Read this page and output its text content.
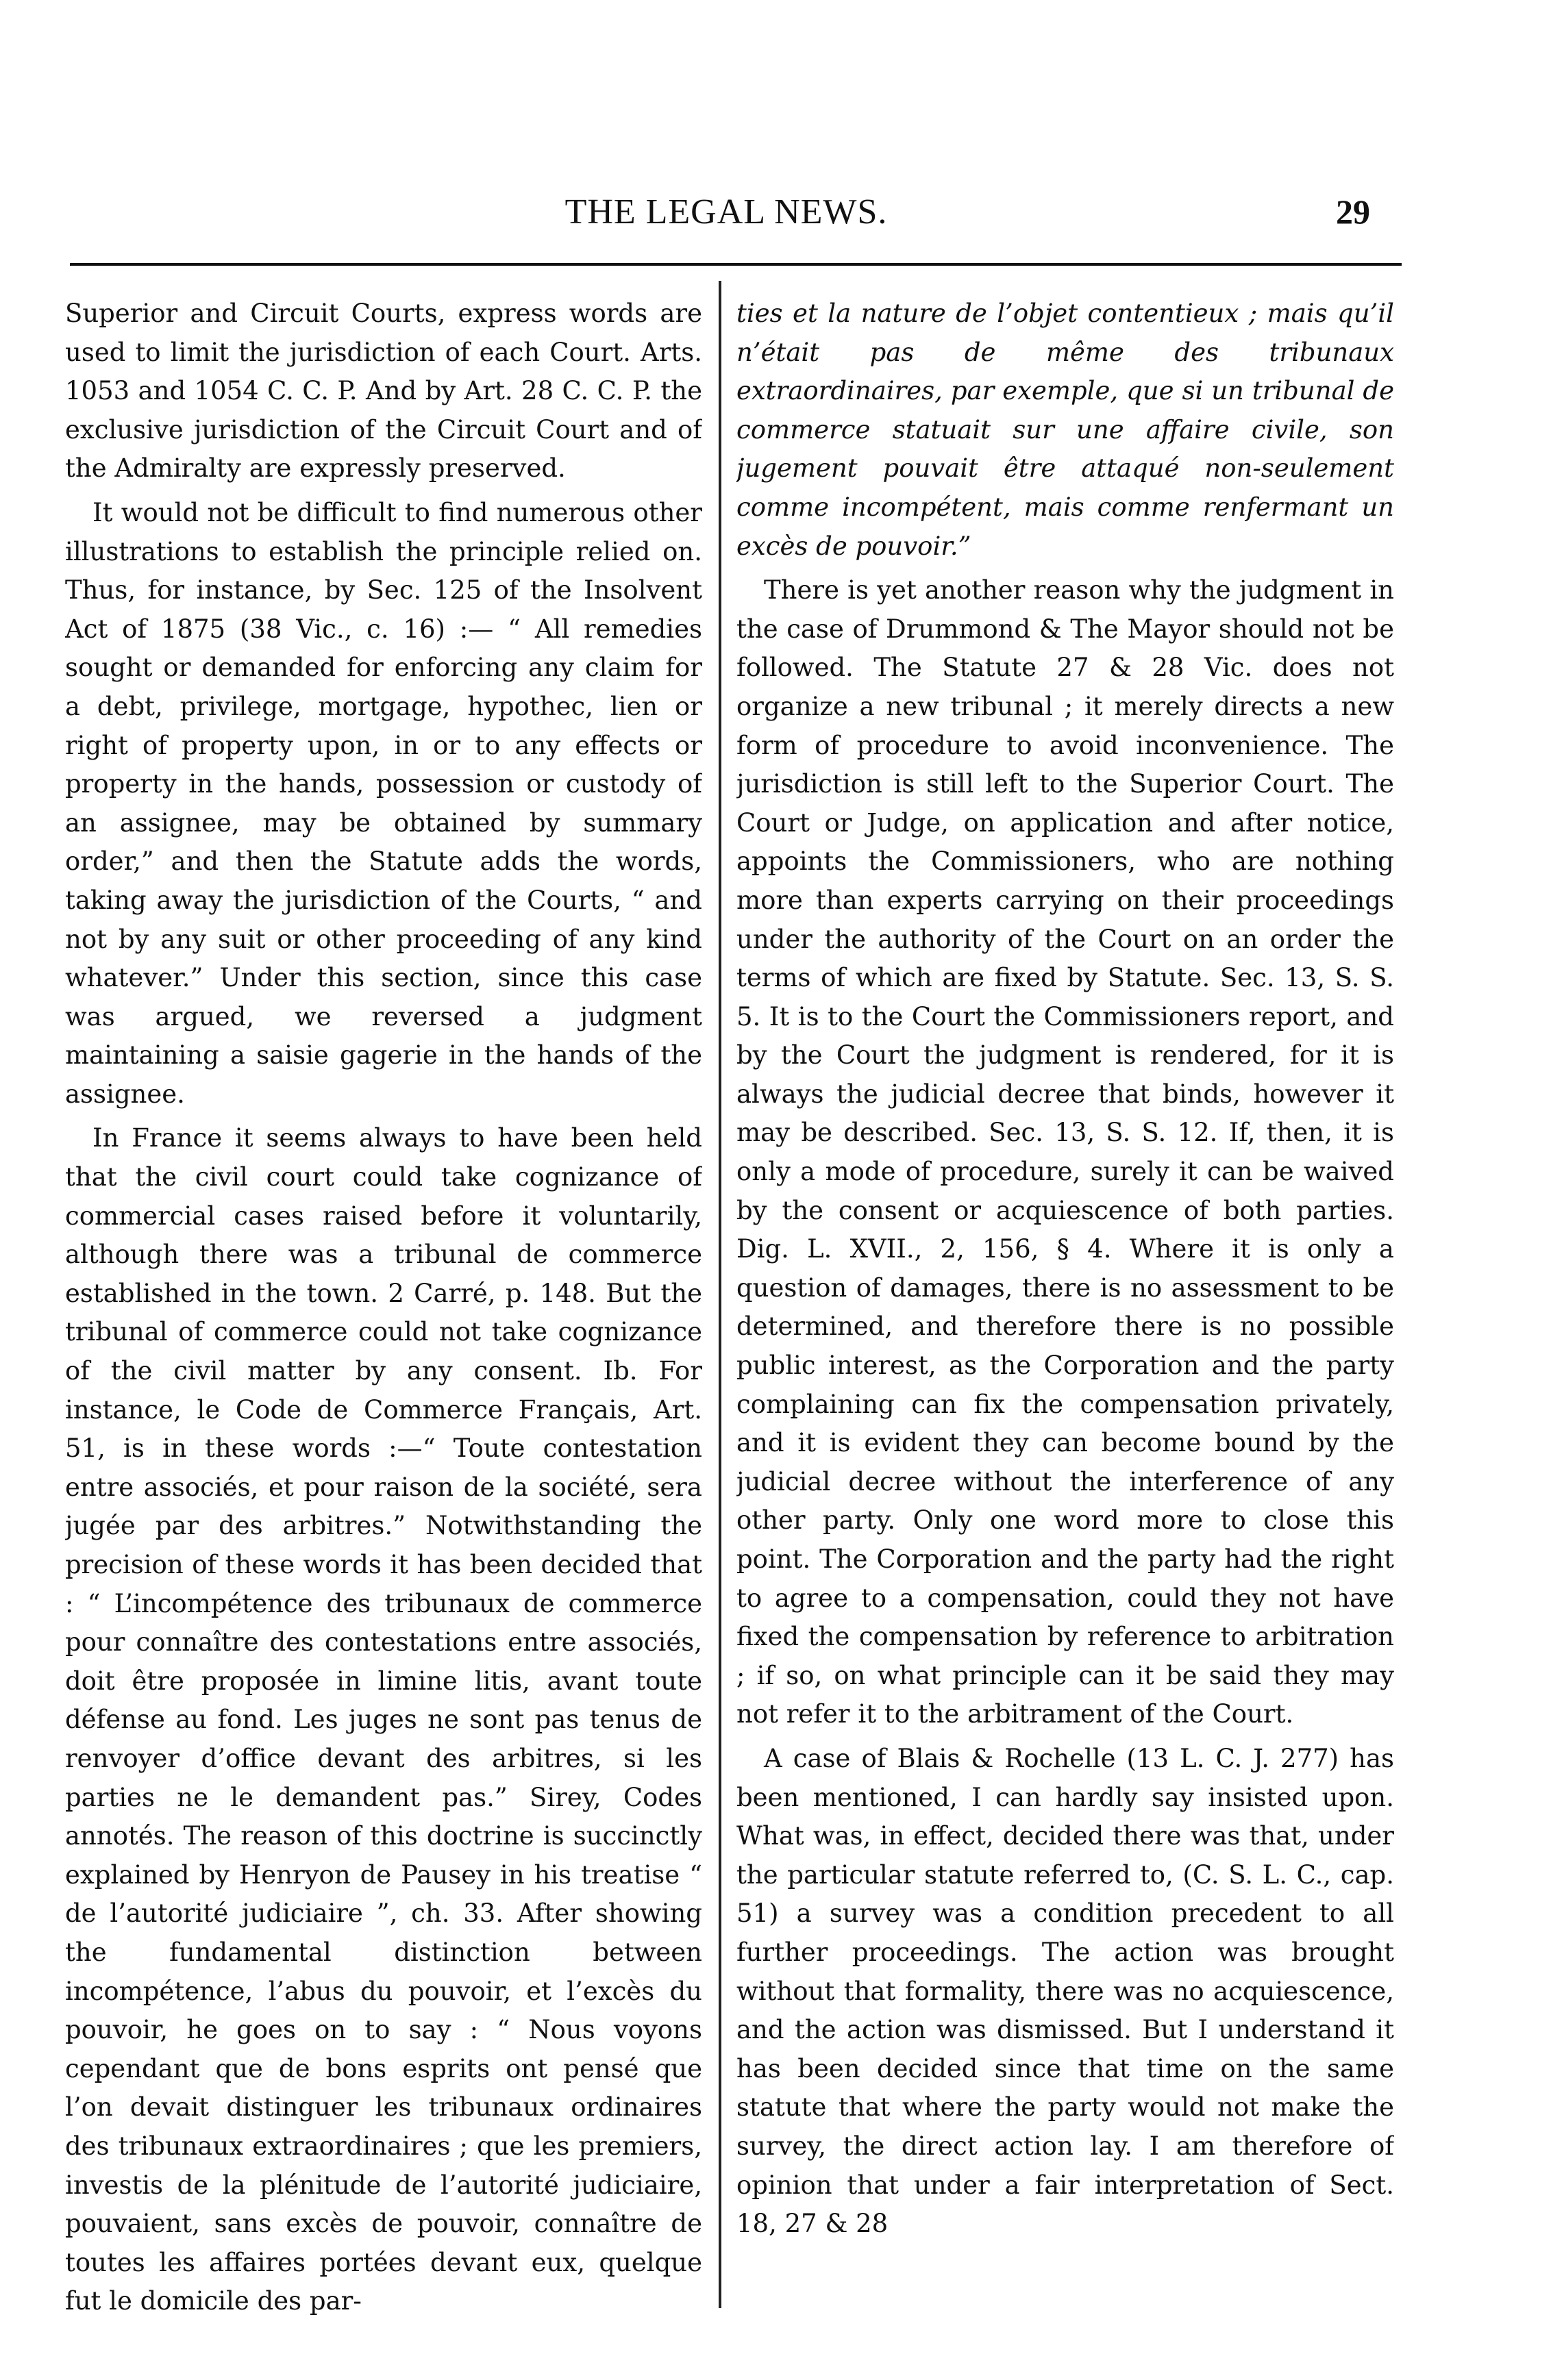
THE LEGAL NEWS.	29

Superior and Circuit Courts, express words are used to limit the jurisdiction of each Court. Arts. 1053 and 1054 C. C. P. And by Art. 28 C. C. P. the exclusive jurisdiction of the Circuit Court and of the Admiralty are expressly preserved.

It would not be difficult to find numerous other illustrations to establish the principle relied on. Thus, for instance, by Sec. 125 of the Insolvent Act of 1875 (38 Vic., c. 16) :— “ All remedies sought or demanded for enforcing any claim for a debt, privilege, mortgage, hypothec, lien or right of property upon, in or to any effects or property in the hands, possession or custody of an assignee, may be obtained by summary order,” and then the Statute adds the words, taking away the jurisdiction of the Courts, “ and not by any suit or other proceeding of any kind whatever.” Under this section, since this case was argued, we reversed a judgment maintaining a saisie gagerie in the hands of the assignee.

In France it seems always to have been held that the civil court could take cognizance of commercial cases raised before it voluntarily, although there was a tribunal de commerce established in the town. 2 Carré, p. 148. But the tribunal of commerce could not take cognizance of the civil matter by any consent. Ib. For instance, le Code de Commerce Français, Art. 51, is in these words :—“ Toute contestation entre associés, et pour raison de la société, sera jugée par des arbitres.” Notwithstanding the precision of these words it has been decided that : “ L’incompétence des tribunaux de commerce pour connaître des contestations entre associés, doit être proposée in limine litis, avant toute défense au fond. Les juges ne sont pas tenus de renvoyer d’office devant des arbitres, si les parties ne le demandent pas.” Sirey, Codes annotés. The reason of this doctrine is succinctly explained by Henryon de Pausey in his treatise “ de l’autorité judiciaire ”, ch. 33. After showing the fundamental distinction between incompétence, l’abus du pouvoir, et l’excès du pouvoir, he goes on to say : “ Nous voyons cependant que de bons esprits ont pensé que l’on devait distinguer les tribunaux ordinaires des tribunaux extraordinaires ; que les premiers, investis de la plénitude de l’autorité judiciaire, pouvaient, sans excès de pouvoir, connaître de toutes les affaires portées devant eux, quelque fut le domicile des par-

ties et la nature de l’objet contentieux ; mais qu’il n’était pas de même des tribunaux extraordinaires, par exemple, que si un tribunal de commerce statuait sur une affaire civile, son jugement pouvait être attaqué non-seulement comme incompétent, mais comme renfermant un excès de pouvoir.”

There is yet another reason why the judgment in the case of Drummond & The Mayor should not be followed. The Statute 27 & 28 Vic. does not organize a new tribunal ; it merely directs a new form of procedure to avoid inconvenience. The jurisdiction is still left to the Superior Court. The Court or Judge, on application and after notice, appoints the Commissioners, who are nothing more than experts carrying on their proceedings under the authority of the Court on an order the terms of which are fixed by Statute. Sec. 13, S. S. 5. It is to the Court the Commissioners report, and by the Court the judgment is rendered, for it is always the judicial decree that binds, however it may be described. Sec. 13, S. S. 12. If, then, it is only a mode of procedure, surely it can be waived by the consent or acquiescence of both parties. Dig. L. XVII., 2, 156, § 4. Where it is only a question of damages, there is no assessment to be determined, and therefore there is no possible public interest, as the Corporation and the party complaining can fix the compensation privately, and it is evident they can become bound by the judicial decree without the interference of any other party. Only one word more to close this point. The Corporation and the party had the right to agree to a compensation, could they not have fixed the compensation by reference to arbitration ; if so, on what principle can it be said they may not refer it to the arbitrament of the Court.

A case of Blais & Rochelle (13 L. C. J. 277) has been mentioned, I can hardly say insisted upon. What was, in effect, decided there was that, under the particular statute referred to, (C. S. L. C., cap. 51) a survey was a condition precedent to all further proceedings. The action was brought without that formality, there was no acquiescence, and the action was dismissed. But I understand it has been decided since that time on the same statute that where the party would not make the survey, the direct action lay. I am therefore of opinion that under a fair interpretation of Sect. 18, 27 & 28
